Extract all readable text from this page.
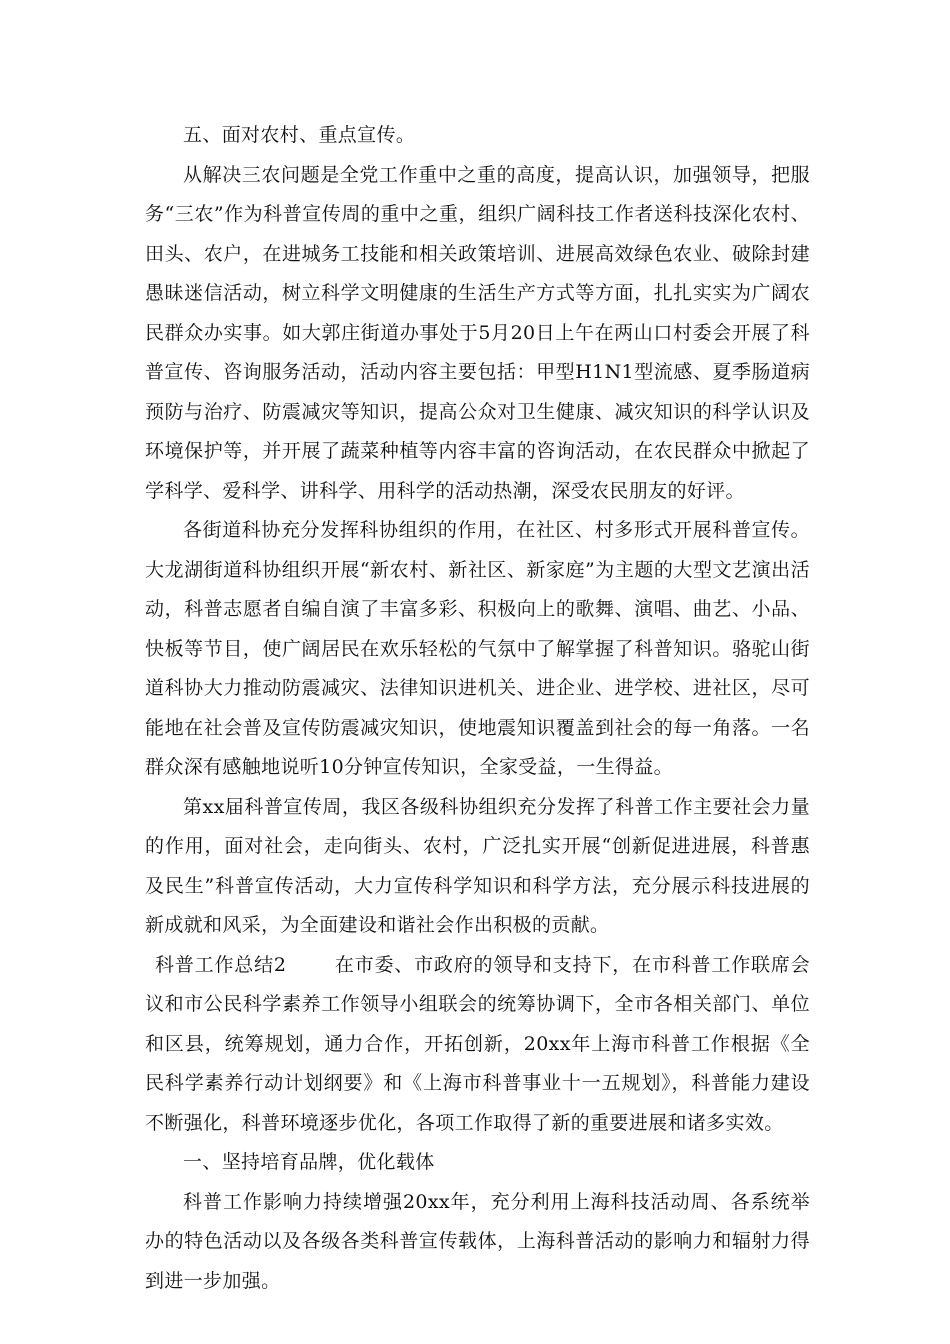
五、面对农村、重点宣传。

从解决三农问题是全党工作重中之重的高度，提高认识，加强领导，把服务“三农”作为科普宣传周的重中之重，组织广阔科技工作者送科技深化农村、田头、农户，在进城务工技能和相关政策培训、进展高效绿色农业、破除封建愚昧迷信活动，树立科学文明健康的生活生产方式等方面，扎扎实实为广阔农民群众办实事。如大郭庄街道办事处于5月20日上午在两山口村委会开展了科普宣传、咨询服务活动，活动内容主要包括：甲型H1N1型流感、夏季肠道病预防与治疗、防震减灾等知识，提高公众对卫生健康、减灾知识的科学认识及环境保护等，并开展了蔬菜种植等内容丰富的咨询活动，在农民群众中掀起了学科学、爱科学、讲科学、用科学的活动热潮，深受农民朋友的好评。

各街道科协充分发挥科协组织的作用，在社区、村多形式开展科普宣传。大龙湖街道科协组织开展“新农村、新社区、新家庭”为主题的大型文艺演出活动，科普志愿者自编自演了丰富多彩、积极向上的歌舞、演唱、曲艺、小品、快板等节目，使广阔居民在欢乐轻松的气氛中了解掌握了科普知识。骆驼山街道科协大力推动防震减灾、法律知识进机关、进企业、进学校、进社区，尽可能地在社会普及宣传防震减灾知识，使地震知识覆盖到社会的每一角落。一名群众深有感触地说听10分钟宣传知识，全家受益，一生得益。

第xx届科普宣传周，我区各级科协组织充分发挥了科普工作主要社会力量的作用，面对社会，走向街头、农村，广泛扎实开展“创新促进进展，科普惠及民生”科普宣传活动，大力宣传科学知识和科学方法，充分展示科技进展的新成就和风采，为全面建设和谐社会作出积极的贡献。

科普工作总结2	在市委、市政府的领导和支持下，在市科普工作联席会议和市公民科学素养工作领导小组联会的统筹协调下，全市各相关部门、单位和区县，统筹规划，通力合作，开拓创新，20xx年上海市科普工作根据《全民科学素养行动计划纲要》和《上海市科普事业十一五规划》，科普能力建设不断强化，科普环境逐步优化，各项工作取得了新的重要进展和诸多实效。

一、坚持培育品牌，优化载体

科普工作影响力持续增强20xx年，充分利用上海科技活动周、各系统举办的特色活动以及各级各类科普宣传载体，上海科普活动的影响力和辐射力得到进一步加强。
